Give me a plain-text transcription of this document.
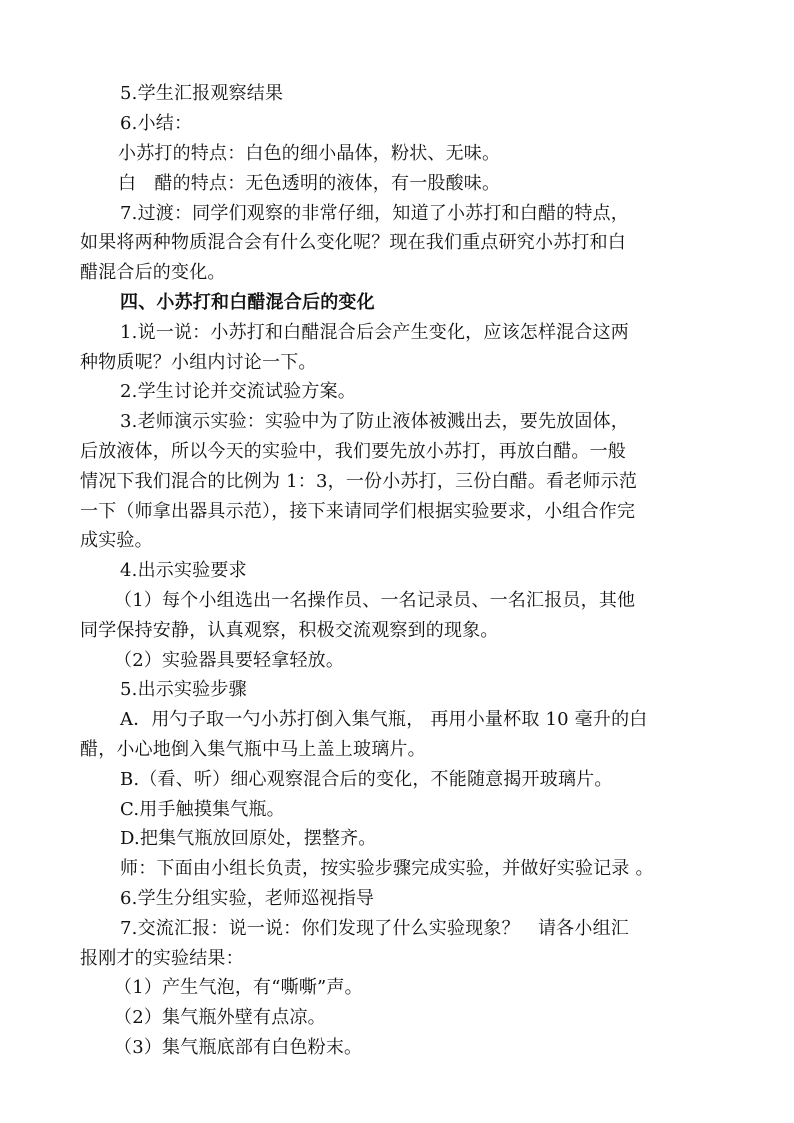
5.学生汇报观察结果
6.小结：
小苏打的特点：白色的细小晶体，粉状、无味。
白　醋的特点：无色透明的液体，有一股酸味。
7.过渡：同学们观察的非常仔细，知道了小苏打和白醋的特点，
如果将两种物质混合会有什么变化呢？现在我们重点研究小苏打和白
醋混合后的变化。
四、小苏打和白醋混合后的变化
1.说一说：小苏打和白醋混合后会产生变化，应该怎样混合这两
种物质呢？小组内讨论一下。
2.学生讨论并交流试验方案。
3.老师演示实验：实验中为了防止液体被溅出去，要先放固体，
后放液体，所以今天的实验中，我们要先放小苏打，再放白醋。一般
情况下我们混合的比例为 1：3，一份小苏打，三份白醋。看老师示范
一下（师拿出器具示范），接下来请同学们根据实验要求，小组合作完
成实验。
4.出示实验要求
（1）每个小组选出一名操作员、一名记录员、一名汇报员，其他
同学保持安静，认真观察，积极交流观察到的现象。
（2）实验器具要轻拿轻放。
5.出示实验步骤
A．用勺子取一勺小苏打倒入集气瓶， 再用小量杯取 10 毫升的白
醋，小心地倒入集气瓶中马上盖上玻璃片。
B.（看、听）细心观察混合后的变化，不能随意揭开玻璃片。
C.用手触摸集气瓶。
D.把集气瓶放回原处，摆整齐。
师：下面由小组长负责，按实验步骤完成实验，并做好实验记录 。
6.学生分组实验，老师巡视指导
7.交流汇报：说一说：你们发现了什么实验现象？　请各小组汇
报刚才的实验结果：
（1）产生气泡，有“嘶嘶”声。
（2）集气瓶外壁有点凉。
（3）集气瓶底部有白色粉末。
